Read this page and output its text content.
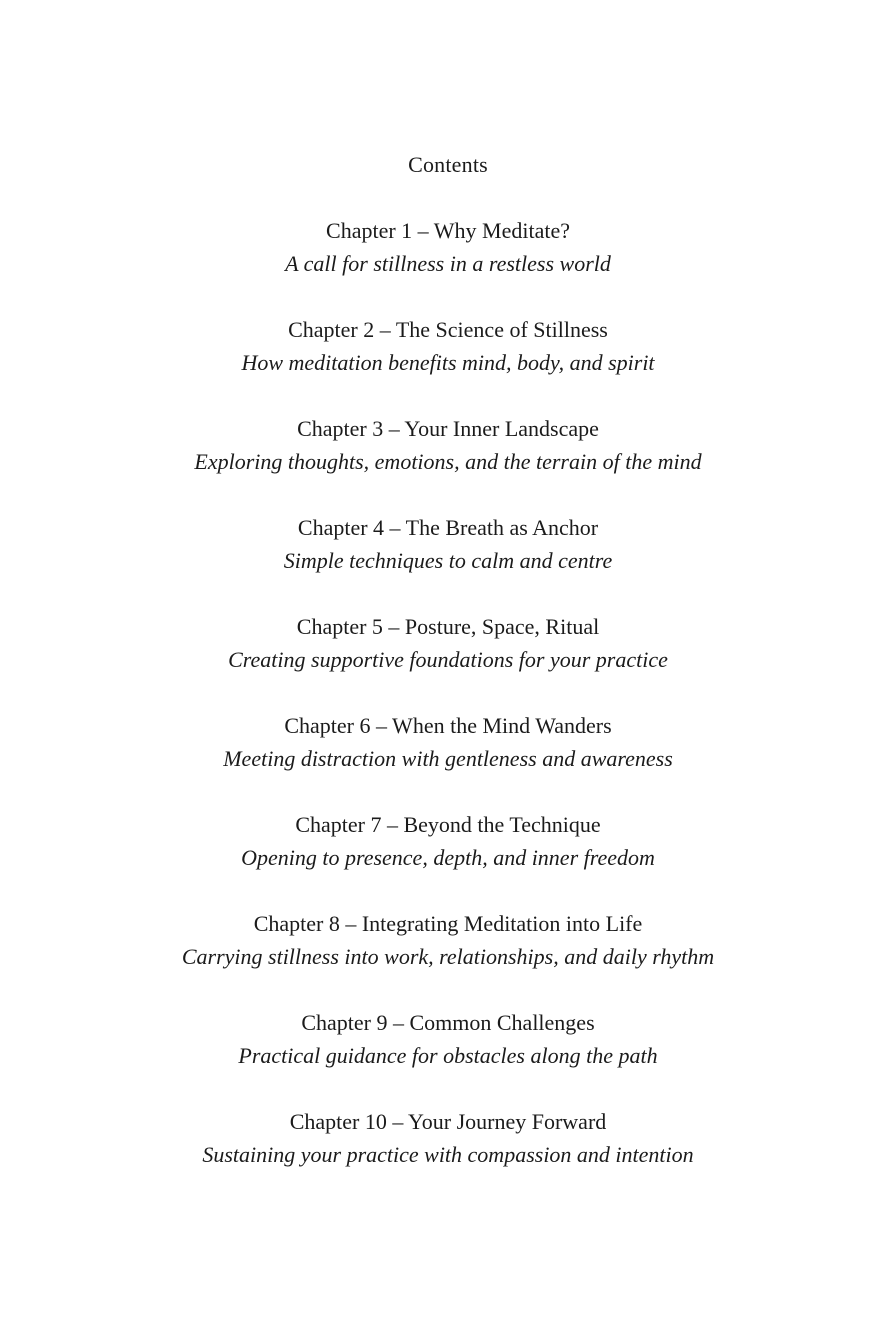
Contents
Chapter 1 – Why Meditate?
A call for stillness in a restless world
Chapter 2 – The Science of Stillness
How meditation benefits mind, body, and spirit
Chapter 3 – Your Inner Landscape
Exploring thoughts, emotions, and the terrain of the mind
Chapter 4 – The Breath as Anchor
Simple techniques to calm and centre
Chapter 5 – Posture, Space, Ritual
Creating supportive foundations for your practice
Chapter 6 – When the Mind Wanders
Meeting distraction with gentleness and awareness
Chapter 7 – Beyond the Technique
Opening to presence, depth, and inner freedom
Chapter 8 – Integrating Meditation into Life
Carrying stillness into work, relationships, and daily rhythm
Chapter 9 – Common Challenges
Practical guidance for obstacles along the path
Chapter 10 – Your Journey Forward
Sustaining your practice with compassion and intention
